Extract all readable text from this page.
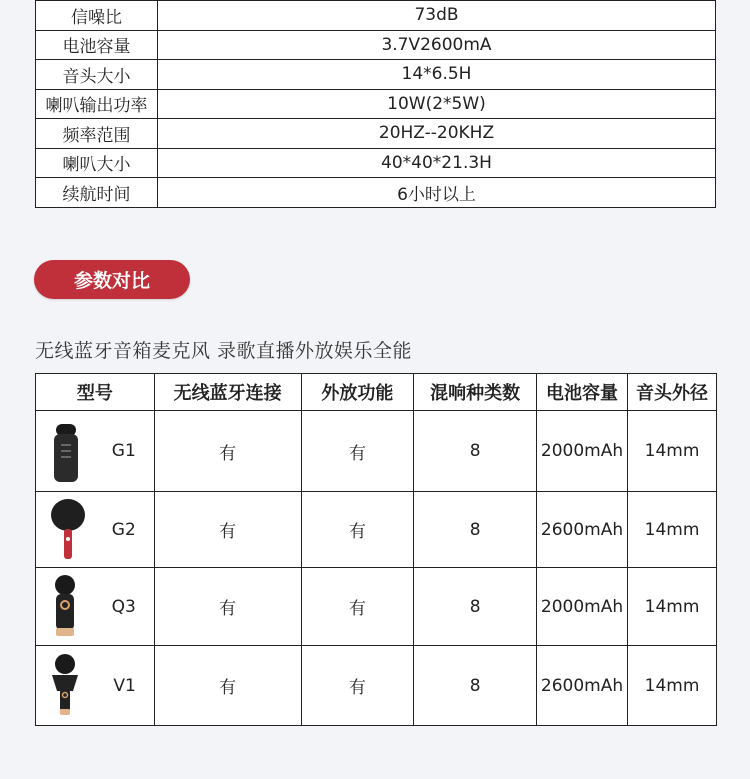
信噪比	73dB
电池容量	3.7V2600mA
音头大小	14*6.5H
喇叭输出功率	10W(2*5W)
频率范围	20HZ--20KHZ
喇叭大小	40*40*21.3H
续航时间	6小时以上
参数对比
无线蓝牙音箱麦克风 录歌直播外放娱乐全能
型号	无线蓝牙连接	外放功能	混响种类数	电池容量	音头外径

G1	有	有	8	2000mAh	14mm

G2	有	有	8	2600mAh	14mm

Q3	有	有	8	2000mAh	14mm

V1	有	有	8	2600mAh	14mm
